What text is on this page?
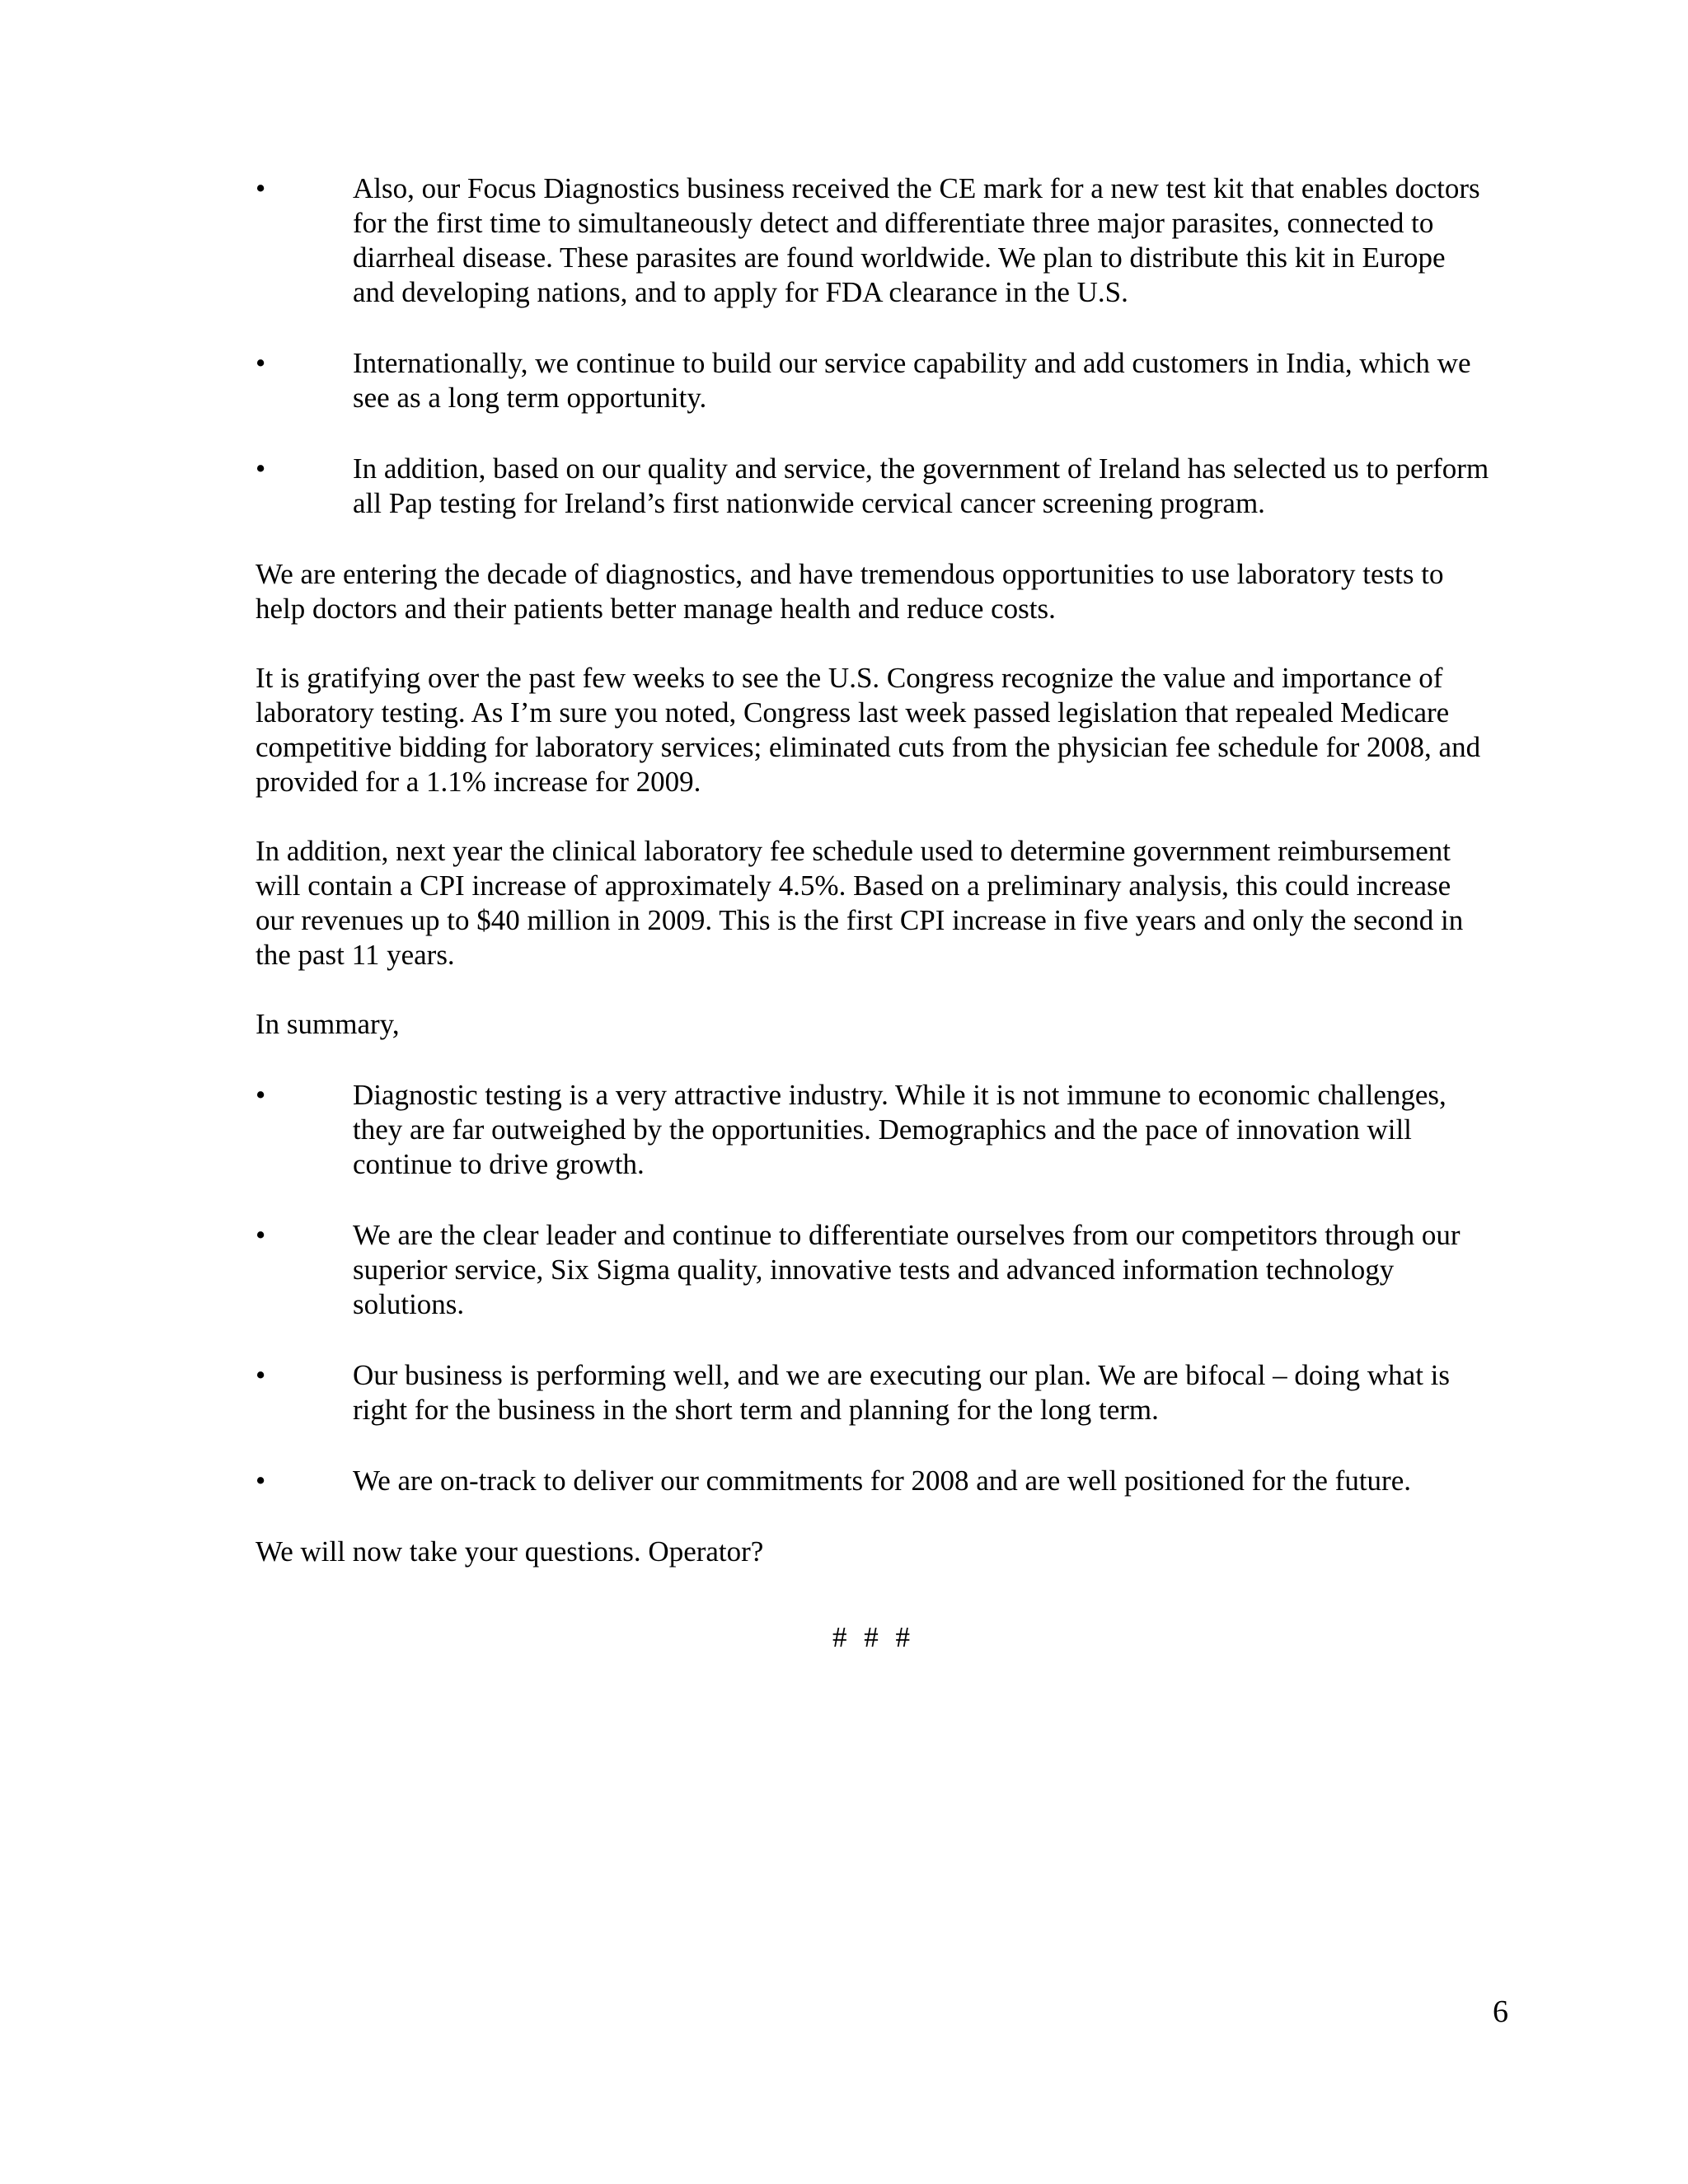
•	Also, our Focus Diagnostics business received the CE mark for a new test kit that enables doctors for the first time to simultaneously detect and differentiate three major parasites, connected to diarrheal disease. These parasites are found worldwide. We plan to distribute this kit in Europe and developing nations, and to apply for FDA clearance in the U.S.
•	Internationally, we continue to build our service capability and add customers in India, which we see as a long term opportunity.
•	In addition, based on our quality and service, the government of Ireland has selected us to perform all Pap testing for Ireland’s first nationwide cervical cancer screening program.

We are entering the decade of diagnostics, and have tremendous opportunities to use laboratory tests to help doctors and their patients better manage health and reduce costs.

It is gratifying over the past few weeks to see the U.S. Congress recognize the value and importance of laboratory testing. As I’m sure you noted, Congress last week passed legislation that repealed Medicare competitive bidding for laboratory services; eliminated cuts from the physician fee schedule for 2008, and provided for a 1.1% increase for 2009.

In addition, next year the clinical laboratory fee schedule used to determine government reimbursement will contain a CPI increase of approximately 4.5%. Based on a preliminary analysis, this could increase our revenues up to $40 million in 2009. This is the first CPI increase in five years and only the second in the past 11 years.

In summary,

•	Diagnostic testing is a very attractive industry. While it is not immune to economic challenges, they are far outweighed by the opportunities. Demographics and the pace of innovation will continue to drive growth.
•	We are the clear leader and continue to differentiate ourselves from our competitors through our superior service, Six Sigma quality, innovative tests and advanced information technology solutions.
•	Our business is performing well, and we are executing our plan. We are bifocal – doing what is right for the business in the short term and planning for the long term.
•	We are on-track to deliver our commitments for 2008 and are well positioned for the future.

We will now take your questions. Operator?

# # #
6
